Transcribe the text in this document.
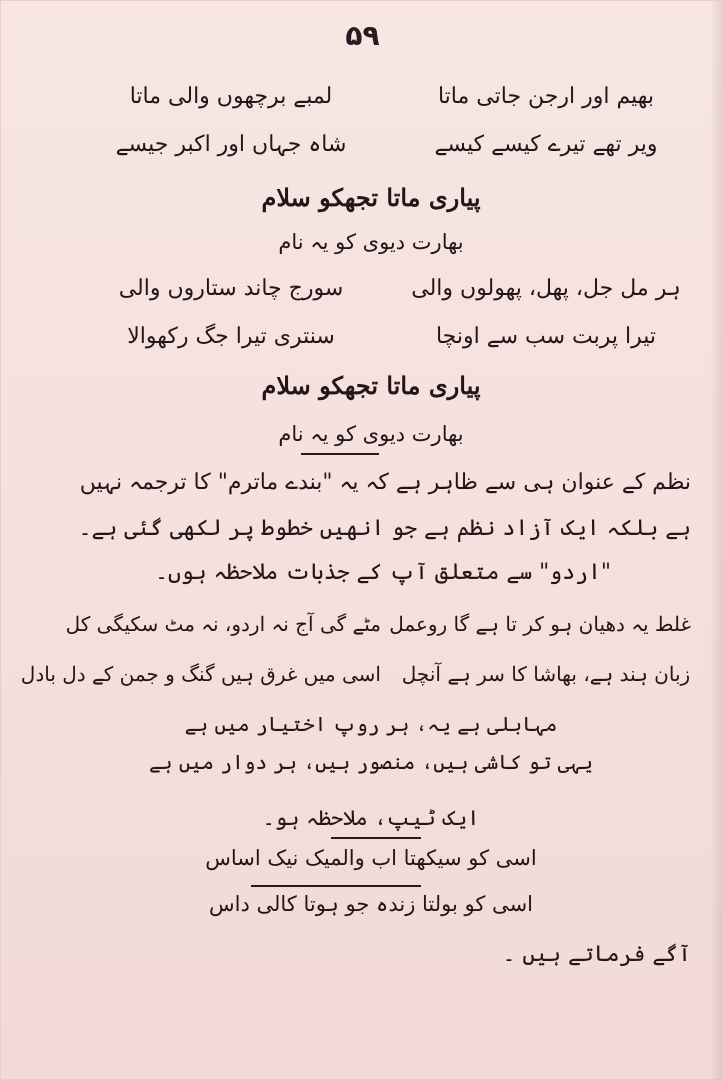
۵۹
بھیم اور ارجن جاتی ماتا
لمبے برچھوں والی ماتا
ویر تھے تیرے کیسے کیسے
شاہ جہاں اور اکبر جیسے
پیاری ماتا تجھکو سلام
بھارت دیوی کو یہ نام
ہر مل جل، پھل، پھولوں والی
سورج چاند ستاروں والی
تیرا پربت سب سے اونچا
سنتری تیرا جگ رکھوالا
پیاری ماتا تجھکو سلام
بھارت دیوی کو یہ نام
نظم کے عنوان ہی سے ظاہر ہے کہ یہ "بندے ماترم" کا ترجمہ نہیں
ہے بلکہ ایک آزاد نظم ہے جو انھیں خطوط پر لکھی گئی ہے۔
"اردو" سے متعلق آپ کے جذبات ملاحظہ ہوں۔
غلط یہ دھیان ہو کر تا ہے گا روعمل
مٹے گی آج نہ اردو، نہ مٹ سکیگی کل
زبان ہند ہے، بھاشا کا سر ہے آنچل
اسی میں غرق ہیں گنگ و جمن کے دل بادل
مہابلی ہے یہ، ہر روپ اختیار میں ہے
یہی تو کاشی ہیں، منصور ہیں، ہر دوار میں ہے
ایک ٹیپ، ملاحظہ ہو۔
اسی کو سیکھتا اب والمیک نیک اساس
اسی کو بولتا زندہ جو ہوتا کالی داس
آگے فرماتے ہیں ۔
